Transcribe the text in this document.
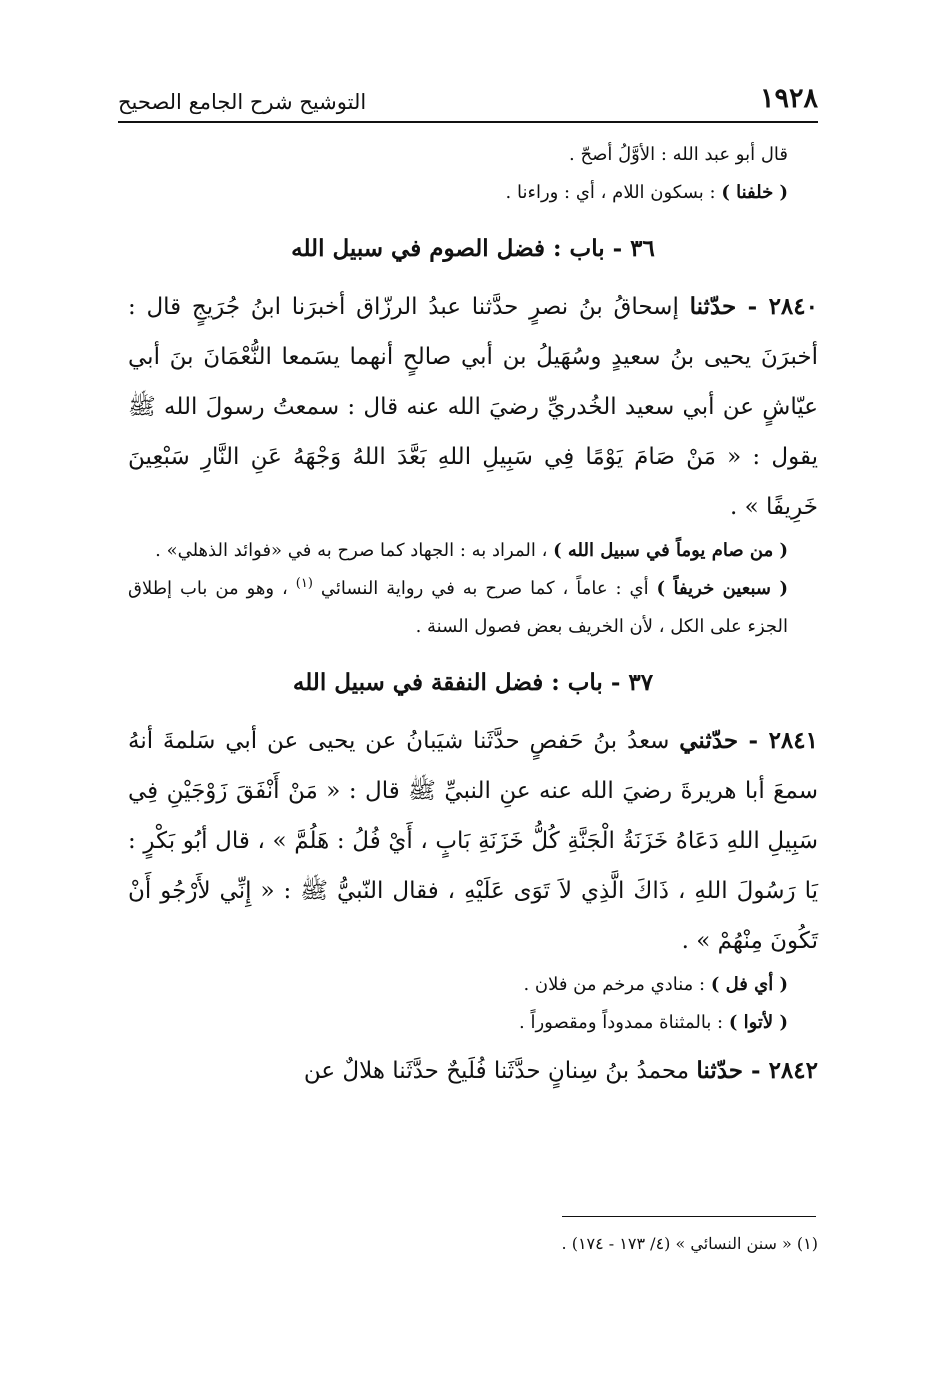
١٩٢٨
التوشيح شرح الجامع الصحيح

قال أبو عبد الله : الأوَّلُ أصحّ .

( خلفنا ) : بسكون اللام ، أي : وراءنا .

٣٦ - باب : فضل الصوم في سبيل الله

٢٨٤٠ - حدّثنا إسحاقُ بنُ نصرٍ حدَّثنا عبدُ الرزّاق أخبرَنا ابنُ جُرَيجٍ قال : أخبرَنَ يحيى بنُ سعيدٍ وسُهَيلُ بن أبي صالحٍ أنهما يسَمعا النُّعْمَانَ بنَ أبي عيّاشٍ عن أبي سعيد الخُدريِّ رضيَ الله عنه قال : سمعتُ رسولَ الله ﷺ يقول : « مَنْ صَامَ يَوْمًا فِي سَبِيلِ اللهِ بَعَّدَ اللهُ وَجْهَهُ عَنِ النَّارِ سَبْعِينَ خَرِيفًا » .

( من صام يوماً في سبيل الله ) ، المراد به : الجهاد كما صرح به في «فوائد الذهلي» .

( سبعين خريفاً ) أي : عاماً ، كما صرح به في رواية النسائي $^{(١)}$ ، وهو من باب إطلاق الجزء على الكل ، لأن الخريف بعض فصول السنة .

٣٧ - باب : فضل النفقة في سبيل الله

٢٨٤١ - حدّثني سعدُ بنُ حَفصٍ حدَّثَنا شيَبانُ عن يحيى عن أبي سَلمةَ أنهُ سمعَ أبا هريرةَ رضيَ الله عنه عنِ النبيِّ ﷺ قال : « مَنْ أَنْفَقَ زَوْجَيْنِ فِي سَبِيلِ اللهِ دَعَاهُ خَزَنَةُ الْجَنَّةِ كُلُّ خَزَنَةِ بَابٍ ، أَيْ فُلُ : هَلُمَّ » ، قال أبُو بَكْرٍ : يَا رَسُولَ اللهِ ، ذَاكَ الَّذِي لاَ تَوَى عَلَيْهِ ، فقال النّبيُّ ﷺ : « إِنِّي لأَرْجُو أَنْ تَكُونَ مِنْهُمْ » .

( أي فل ) : منادي مرخم من فلان .

( لأتوا ) : بالمثناة ممدوداً ومقصوراً .

٢٨٤٢ - حدّثنا محمدُ بنُ سِنانٍ حدَّثَنا فُلَيحٌ حدَّثَنا هلالٌ عن

(١) « سنن النسائي » (٤/ ١٧٣ - ١٧٤) .
